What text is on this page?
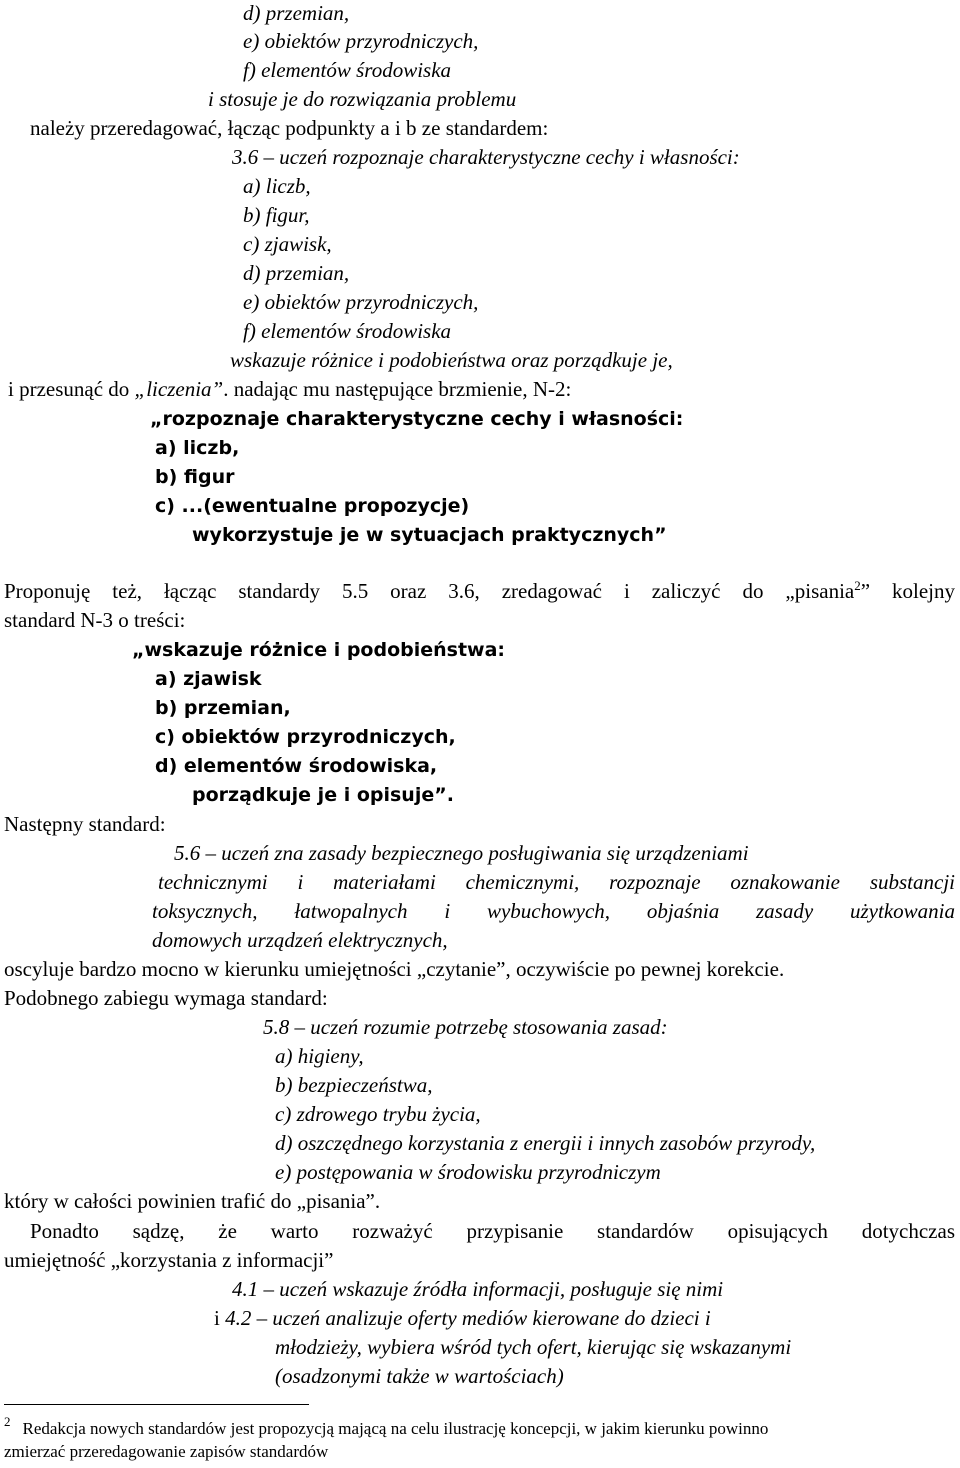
d) przemian,
e) obiektów przyrodniczych,
f) elementów środowiska
i stosuje je do rozwiązania problemu
należy przeredagować, łącząc podpunkty a i b ze standardem:
3.6 – uczeń rozpoznaje charakterystyczne cechy i własności:
a) liczb,
b) figur,
c) zjawisk,
d) przemian,
e) obiektów przyrodniczych,
f) elementów środowiska
wskazuje różnice i podobieństwa oraz porządkuje je,
i przesunąć do „liczenia”. nadając mu następujące brzmienie, N-2:
„rozpoznaje charakterystyczne cechy i własności:
a) liczb,
b) figur
c) ...(ewentualne propozycje)
wykorzystuje je w sytuacjach praktycznych”
Proponuję też, łącząc standardy 5.5 oraz 3.6, zredagować i zaliczyć do „pisania$^2$” kolejny
standard N-3 o treści:
„wskazuje różnice i podobieństwa:
a) zjawisk
b) przemian,
c) obiektów przyrodniczych,
d) elementów środowiska,
porządkuje je i opisuje”.
Następny standard:
5.6 – uczeń zna zasady bezpiecznego posługiwania się urządzeniami
technicznymi i materiałami chemicznymi, rozpoznaje oznakowanie substancji
toksycznych, łatwopalnych i wybuchowych, objaśnia zasady użytkowania
domowych urządzeń elektrycznych,
oscyluje bardzo mocno w kierunku umiejętności „czytanie”, oczywiście po pewnej korekcie.
Podobnego zabiegu wymaga standard:
5.8 – uczeń rozumie potrzebę stosowania zasad:
a) higieny,
b) bezpieczeństwa,
c) zdrowego trybu życia,
d) oszczędnego korzystania z energii i innych zasobów przyrody,
e) postępowania w środowisku przyrodniczym
który w całości powinien trafić do „pisania”.
Ponadto sądzę, że warto rozważyć przypisanie standardów opisujących dotychczas
umiejętność „korzystania z informacji”
4.1 – uczeń wskazuje źródła informacji, posługuje się nimi
i 4.2 – uczeń analizuje oferty mediów kierowane do dzieci i
młodzieży, wybiera wśród tych ofert, kierując się wskazanymi
(osadzonymi także w wartościach)
$^2$ Redakcja nowych standardów jest propozycją mającą na celu ilustrację koncepcji, w jakim kierunku powinno
zmierzać przeredagowanie zapisów standardów
